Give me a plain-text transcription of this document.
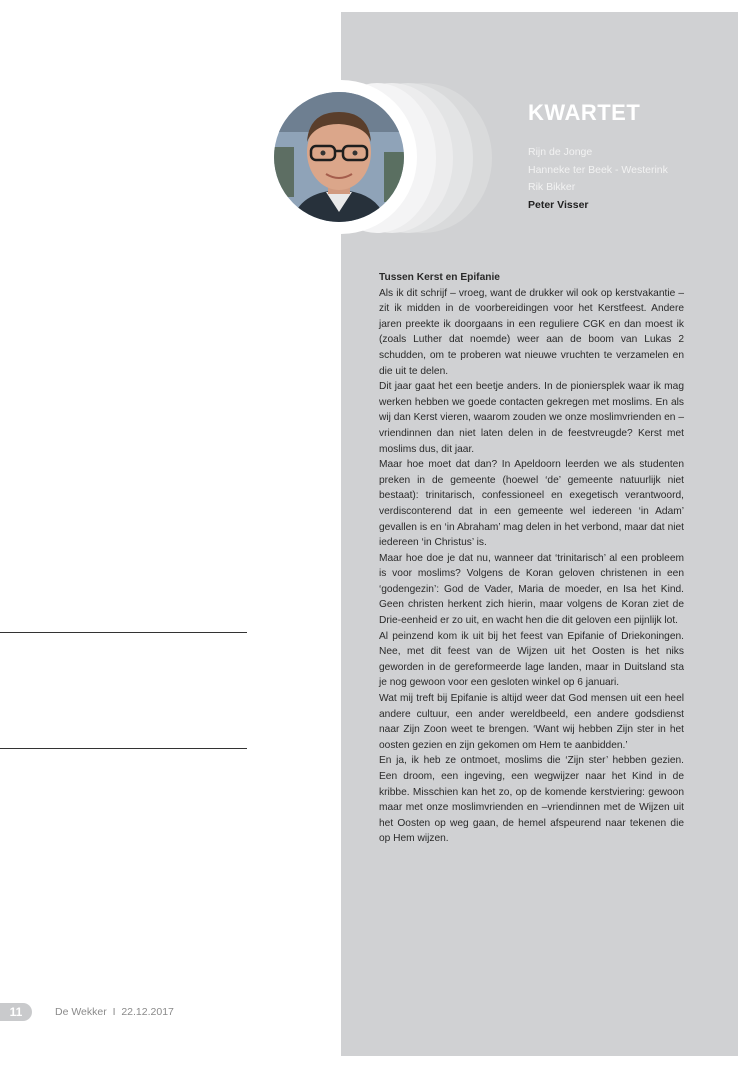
KWARTET
Rijn de Jonge
Hanneke ter Beek - Westerink
Rik Bikker
Peter Visser

Tussen Kerst en Epifanie

Als ik dit schrijf – vroeg, want de drukker wil ook op kerstvakantie – zit ik midden in de voorbereidingen voor het Kerstfeest. Andere jaren preekte ik doorgaans in een reguliere CGK en dan moest ik (zoals Luther dat noemde) weer aan de boom van Lukas 2 schudden, om te proberen wat nieuwe vruchten te verzamelen en die uit te delen.

Dit jaar gaat het een beetje anders. In de pioniersplek waar ik mag werken hebben we goede contacten gekregen met moslims. En als wij dan Kerst vieren, waarom zouden we onze moslimvrienden en –vriendinnen dan niet laten delen in de feestvreugde? Kerst met moslims dus, dit jaar.

Maar hoe moet dat dan? In Apeldoorn leerden we als studenten preken in de gemeente (hoewel ‘de’ gemeente natuurlijk niet bestaat): trinitarisch, confessioneel en exegetisch verantwoord, verdisconterend dat in een gemeente wel iedereen ‘in Adam’ gevallen is en ‘in Abraham’ mag delen in het verbond, maar dat niet iedereen ‘in Christus’ is.

Maar hoe doe je dat nu, wanneer dat ‘trinitarisch’ al een probleem is voor moslims? Volgens de Koran geloven christenen in een ‘godengezin’: God de Vader, Maria de moeder, en Isa het Kind. Geen christen herkent zich hierin, maar volgens de Koran ziet de Drie-eenheid er zo uit, en wacht hen die dit geloven een pijnlijk lot.

Al peinzend kom ik uit bij het feest van Epifanie of Driekoningen. Nee, met dit feest van de Wijzen uit het Oosten is het niks geworden in de gereformeerde lage landen, maar in Duitsland sta je nog gewoon voor een gesloten winkel op 6 januari.

Wat mij treft bij Epifanie is altijd weer dat God mensen uit een heel andere cultuur, een ander wereldbeeld, een andere godsdienst naar Zijn Zoon weet te brengen. ‘Want wij hebben Zijn ster in het oosten gezien en zijn gekomen om Hem te aanbidden.’

En ja, ik heb ze ontmoet, moslims die ‘Zijn ster’ hebben gezien. Een droom, een ingeving, een wegwijzer naar het Kind in de kribbe. Misschien kan het zo, op de komende kerstviering: gewoon maar met onze moslimvrienden en –vriendinnen met de Wijzen uit het Oosten op weg gaan, de hemel afspeurend naar tekenen die op Hem wijzen.

11	De Wekker  I  22.12.2017
